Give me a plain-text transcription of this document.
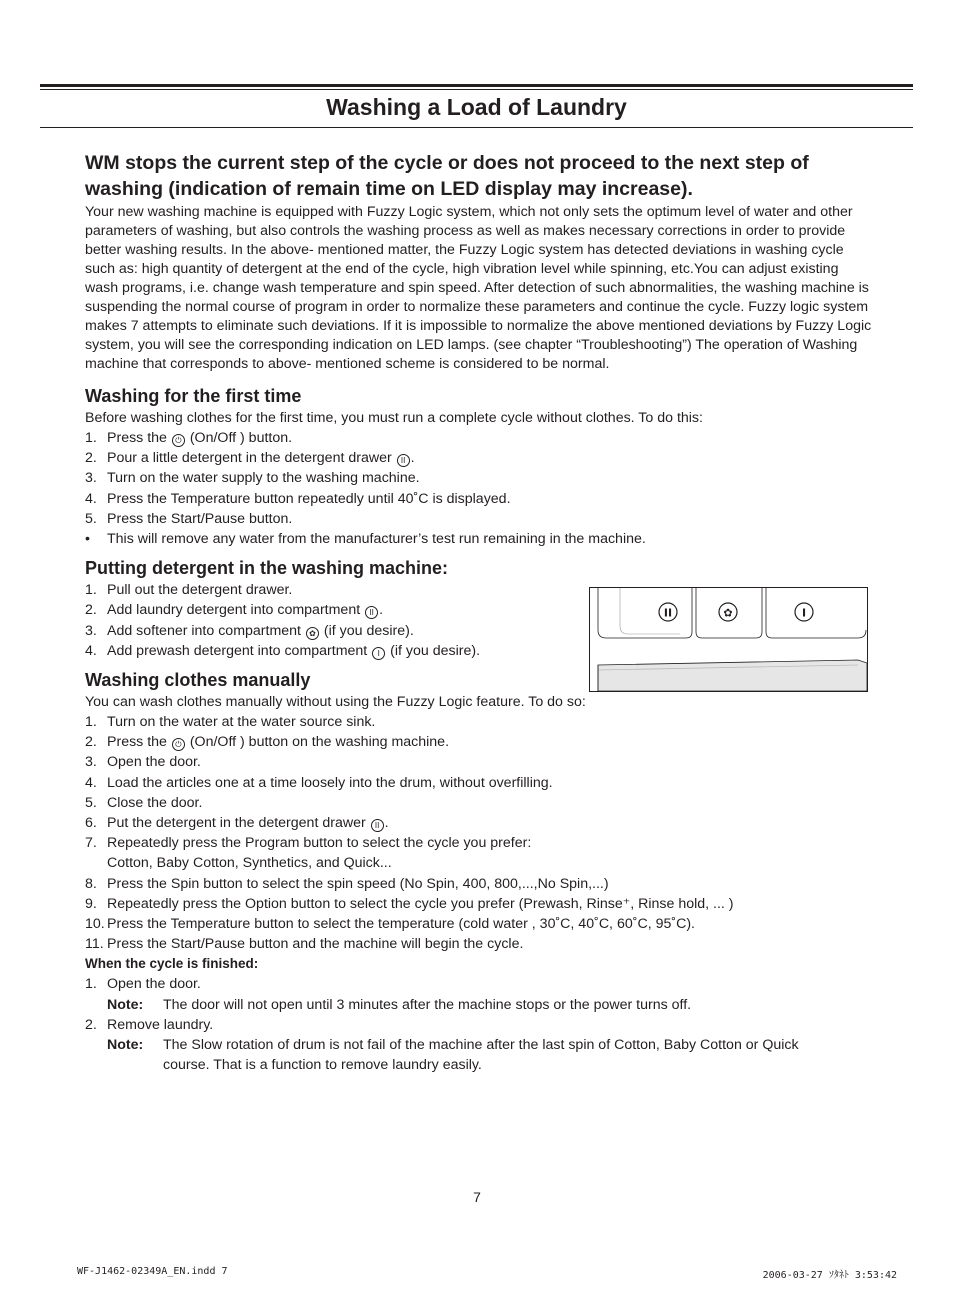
Washing a Load of Laundry
WM stops the current step of the cycle or does not proceed to the next step of washing (indication of remain time on LED display may increase).

Your new washing machine is equipped with Fuzzy Logic system, which not only sets the optimum level of water and other parameters of washing, but also controls the washing process as well as makes necessary corrections in order to provide better washing results. In the above- mentioned matter, the Fuzzy Logic system has detected deviations in washing cycle such as: high quantity of detergent at the end of the cycle, high vibration level while spinning, etc.You can adjust existing wash programs, i.e. change wash temperature and spin speed. After detection of such abnormalities, the washing machine is suspending the normal course of program in order to normalize these parameters and continue the cycle. Fuzzy logic system makes 7 attempts to eliminate such deviations. If it is impossible to normalize the above mentioned deviations by Fuzzy Logic system, you will see the corresponding indication on LED lamps. (see chapter “Troubleshooting”) The operation of Washing machine that corresponds to above- mentioned scheme is considered to be normal.

Washing for the first time

Before washing clothes for the first time, you must run a complete cycle without clothes. To do this:

1. Press the ⏻ (On/Off ) button.
2. Pour a little detergent in the detergent drawer II .
3. Turn on the water supply to the washing machine.
4. Press the Temperature button repeatedly until 40˚C is displayed.
5. Press the Start/Pause button.
• This will remove any water from the manufacturer’s test run remaining in the machine.
Putting detergent in the washing machine:
1. Pull out the detergent drawer.
2. Add laundry detergent into compartment II .
3. Add softener into compartment ✿ (if you desire).
4. Add prewash detergent into compartment I (if you desire).
Washing clothes manually

You can wash clothes manually without using the Fuzzy Logic feature. To do so:

1. Turn on the water at the water source sink.
2. Press the ⏻ (On/Off ) button on the washing machine.
3. Open the door.
4. Load the articles one at a time loosely into the drum, without overfilling.
5. Close the door.
6. Put the detergent in the detergent drawer II .
7. Repeatedly press the Program button to select the cycle you prefer:
Cotton, Baby Cotton, Synthetics, and Quick...
8. Press the Spin button to select the spin speed (No Spin, 400, 800,...,No Spin,...)
9. Repeatedly press the Option button to select the cycle you prefer (Prewash, Rinse⁺, Rinse hold, ... )
10. Press the Temperature button to select the temperature (cold water , 30˚C, 40˚C, 60˚C, 95˚C).
11. Press the Start/Pause button and the machine will begin the cycle.

When the cycle is finished:

1. Open the door.
Note: The door will not open until 3 minutes after the machine stops or the power turns off.
2. Remove laundry.
Note: The Slow rotation of drum is not fail of the machine after the last spin of Cotton, Baby Cotton or Quick course. That is a function to remove laundry easily.
II	✿	I
7
WF-J1462-02349A_EN.indd 7	2006-03-27 ｿﾀﾈﾄ 3:53:42
